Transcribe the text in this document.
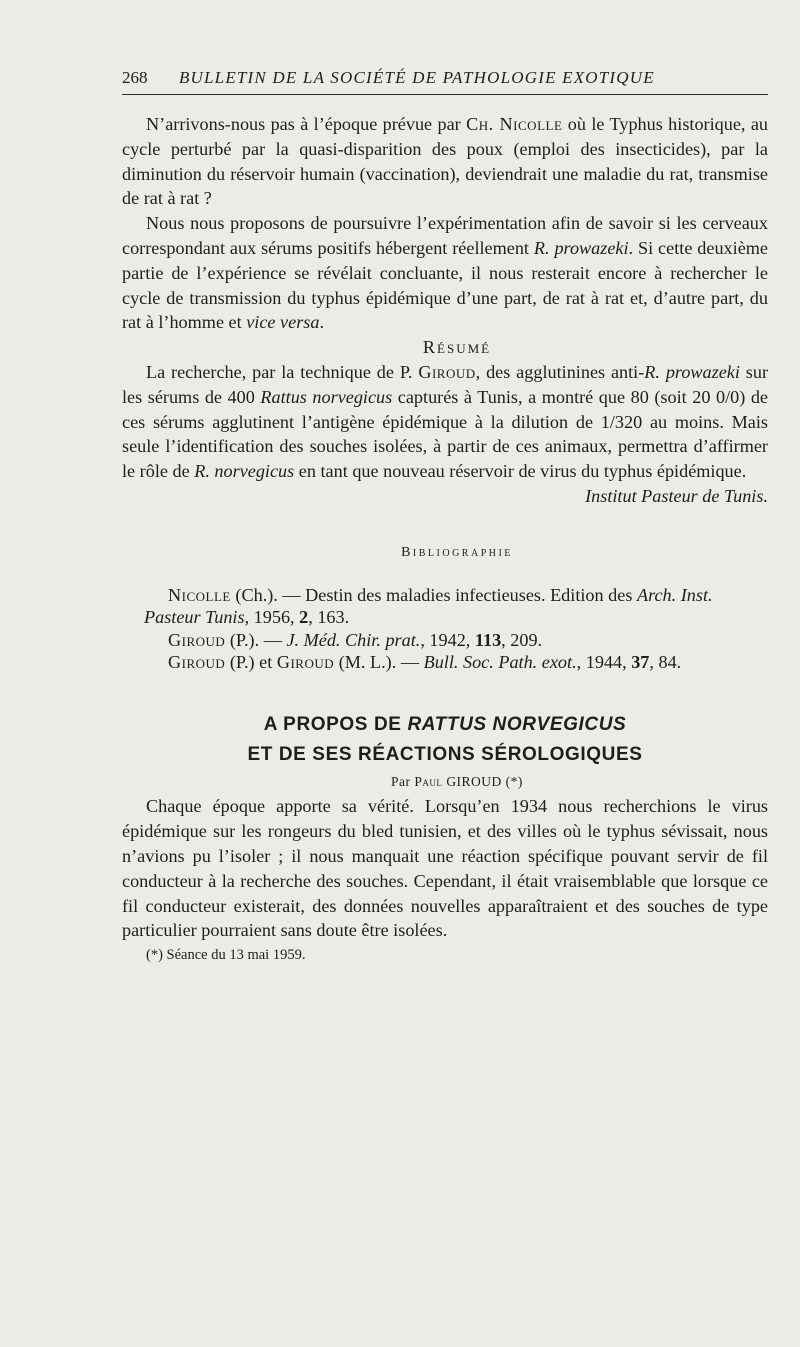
268 BULLETIN DE LA SOCIÉTÉ DE PATHOLOGIE EXOTIQUE

N’arrivons-nous pas à l’époque prévue par Ch. Nicolle où le Typhus historique, au cycle perturbé par la quasi-disparition des poux (emploi des insecticides), par la diminution du réservoir humain (vaccination), deviendrait une maladie du rat, transmise de rat à rat ?

Nous nous proposons de poursuivre l’expérimentation afin de savoir si les cerveaux correspondant aux sérums positifs hébergent réellement R. prowazeki. Si cette deuxième partie de l’expérience se révélait concluante, il nous resterait encore à rechercher le cycle de transmission du typhus épidémique d’une part, de rat à rat et, d’autre part, du rat à l’homme et vice versa.

Résumé

La recherche, par la technique de P. Giroud, des agglutinines anti-R. prowazeki sur les sérums de 400 Rattus norvegicus capturés à Tunis, a montré que 80 (soit 20 0/0) de ces sérums agglutinent l’antigène épidémique à la dilution de 1/320 au moins. Mais seule l’identification des souches isolées, à partir de ces animaux, permettra d’affirmer le rôle de R. norvegicus en tant que nouveau réservoir de virus du typhus épidémique.

Institut Pasteur de Tunis.

Bibliographie

Nicolle (Ch.). — Destin des maladies infectieuses. Edition des Arch. Inst. Pasteur Tunis, 1956, 2, 163.

Giroud (P.). — J. Méd. Chir. prat., 1942, 113, 209.

Giroud (P.) et Giroud (M. L.). — Bull. Soc. Path. exot., 1944, 37, 84.

A PROPOS DE RATTUS NORVEGICUS
ET DE SES RÉACTIONS SÉROLOGIQUES

Par Paul GIROUD (*)

Chaque époque apporte sa vérité. Lorsqu’en 1934 nous recherchions le virus épidémique sur les rongeurs du bled tunisien, et des villes où le typhus sévissait, nous n’avions pu l’isoler ; il nous manquait une réaction spécifique pouvant servir de fil conducteur à la recherche des souches. Cependant, il était vraisemblable que lorsque ce fil conducteur existerait, des données nouvelles apparaîtraient et des souches de type particulier pourraient sans doute être isolées.

(*) Séance du 13 mai 1959.
